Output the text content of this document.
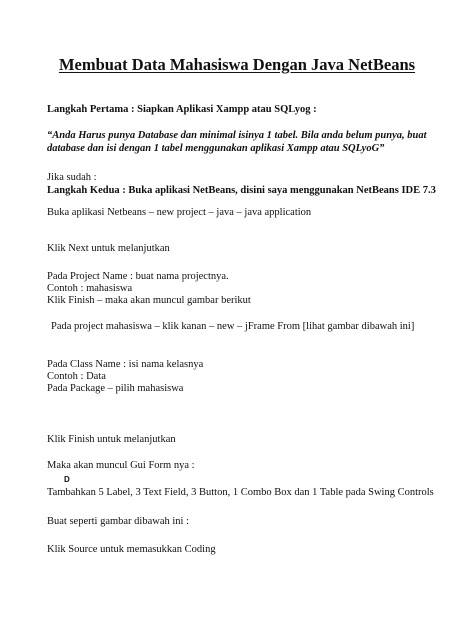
Membuat Data Mahasiswa Dengan Java NetBeans
Langkah Pertama : Siapkan Aplikasi Xampp atau SQLyog :
“Anda Harus punya Database dan minimal isinya 1 tabel. Bila anda belum punya, buat
database dan isi dengan 1 tabel menggunakan aplikasi Xampp atau SQLyoG”
Jika sudah :
Langkah Kedua : Buka aplikasi NetBeans, disini saya menggunakan NetBeans IDE 7.3
Buka aplikasi Netbeans – new project – java – java application
Klik Next untuk melanjutkan
Pada Project Name : buat nama projectnya.
Contoh : mahasiswa
Klik Finish – maka akan muncul gambar berikut
Pada project mahasiswa – klik kanan – new – jFrame From [lihat gambar dibawah ini]
Pada Class Name : isi nama kelasnya
Contoh : Data
Pada Package – pilih mahasiswa
Klik Finish untuk melanjutkan
Maka akan muncul Gui Form nya :
D
Tambahkan 5 Label, 3 Text Field, 3 Button, 1 Combo Box dan 1 Table pada Swing Controls
Buat seperti gambar dibawah ini :
Klik Source untuk memasukkan Coding
